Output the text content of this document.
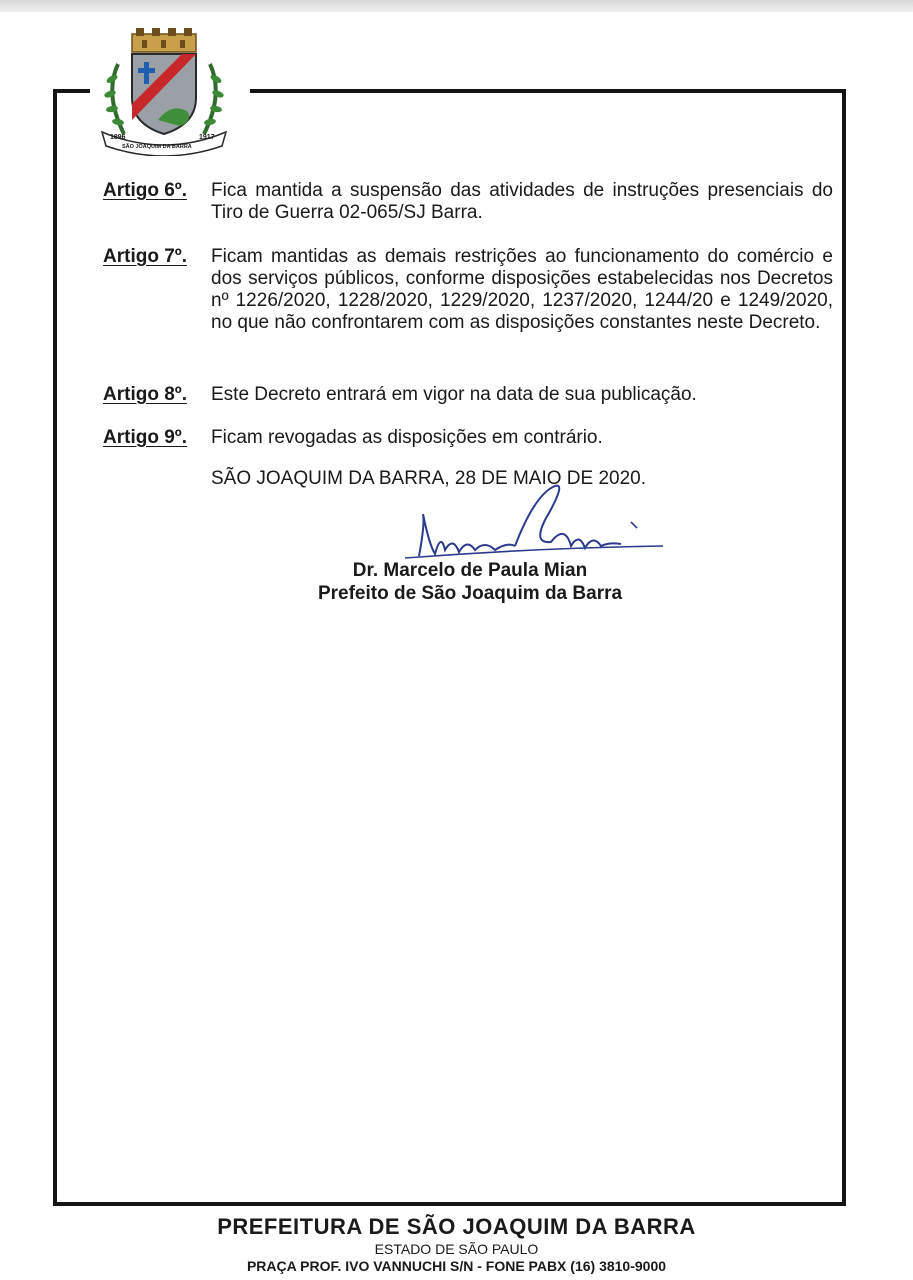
1896	1917
SÃO JOAQUIM DA BARRA
Artigo 6º. Fica mantida a suspensão das atividades de instruções presenciais do Tiro de Guerra 02-065/SJ Barra.
Artigo 7º. Ficam mantidas as demais restrições ao funcionamento do comércio e dos serviços públicos, conforme disposições estabelecidas nos Decretos nº 1226/2020, 1228/2020, 1229/2020, 1237/2020, 1244/20 e 1249/2020, no que não confrontarem com as disposições constantes neste Decreto.
Artigo 8º. Este Decreto entrará em vigor na data de sua publicação.
Artigo 9º. Ficam revogadas as disposições em contrário.
SÃO JOAQUIM DA BARRA, 28 DE MAIO DE 2020.
Dr. Marcelo de Paula Mian
Prefeito de São Joaquim da Barra
PREFEITURA DE SÃO JOAQUIM DA BARRA
ESTADO DE SÃO PAULO
PRAÇA PROF. IVO VANNUCHI S/N - FONE PABX (16) 3810-9000
